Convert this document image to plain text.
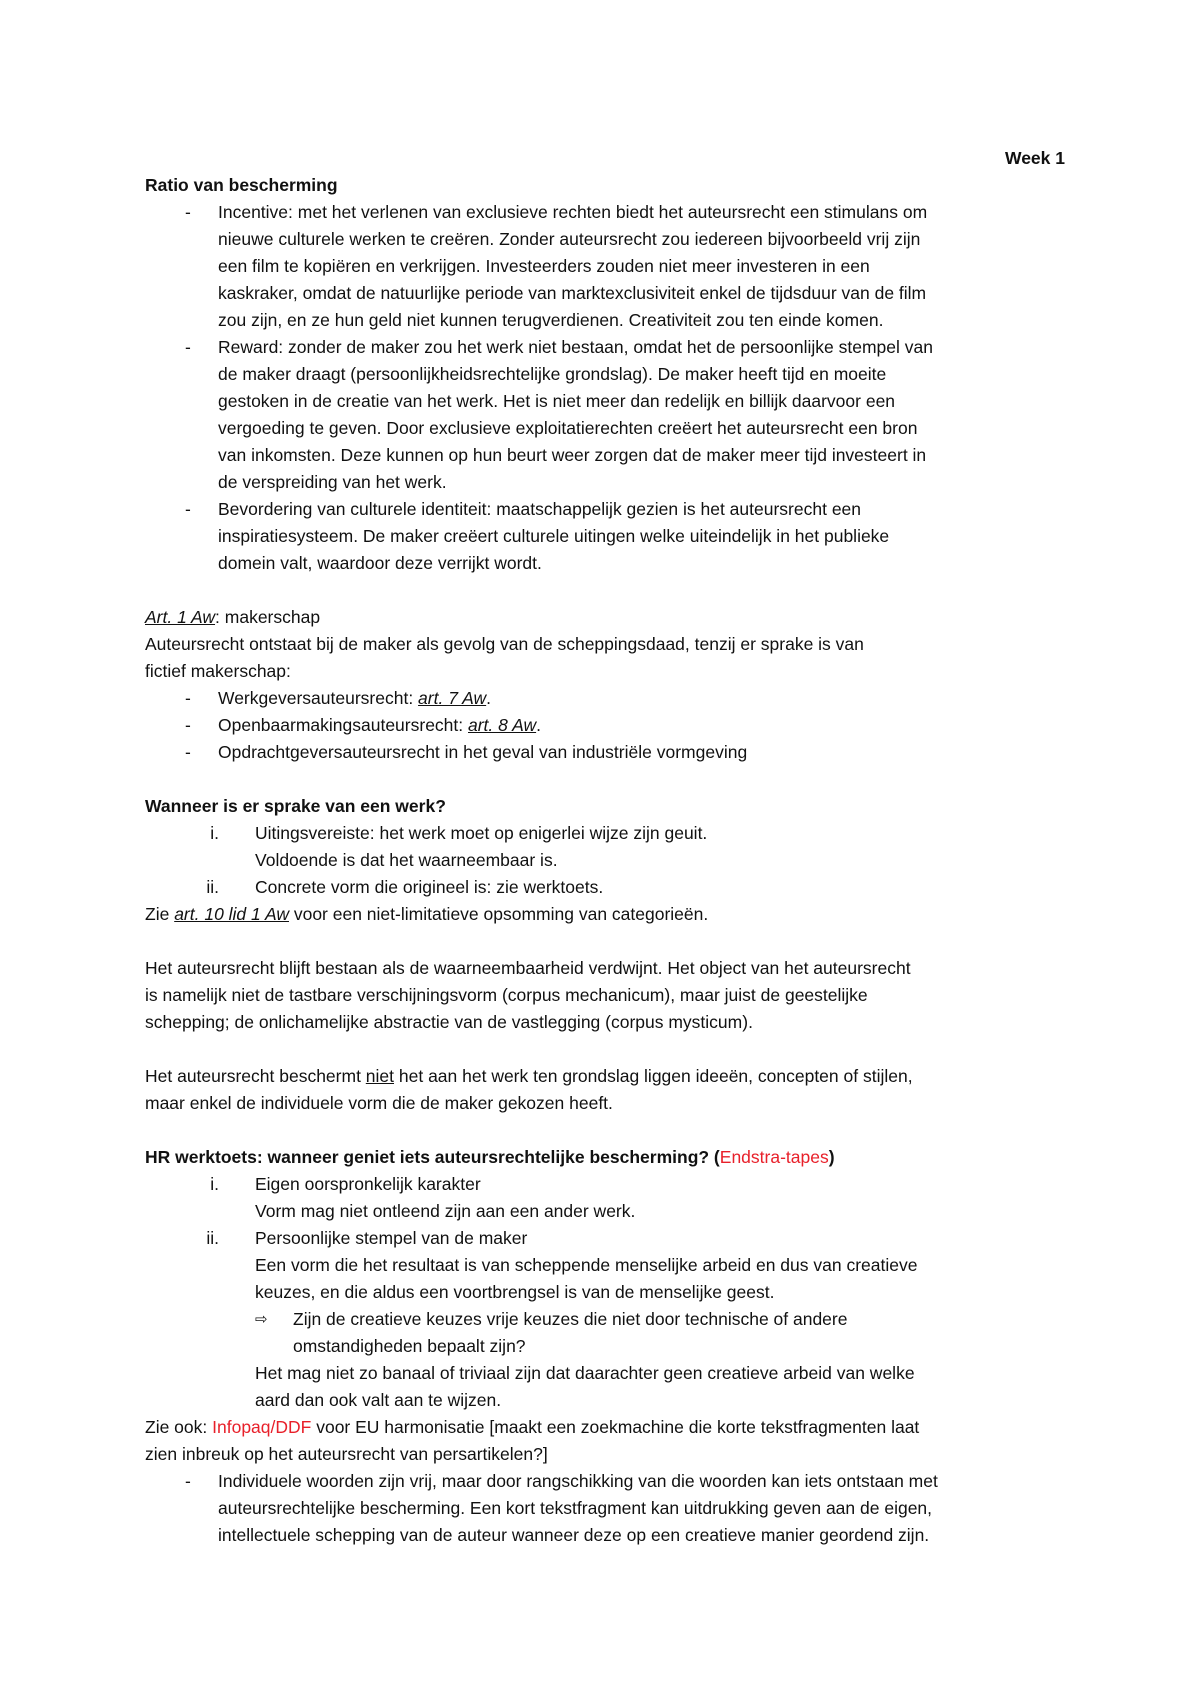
Week 1
Ratio van bescherming
- Incentive: met het verlenen van exclusieve rechten biedt het auteursrecht een stimulans om
nieuwe culturele werken te creëren. Zonder auteursrecht zou iedereen bijvoorbeeld vrij zijn
een film te kopiëren en verkrijgen. Investeerders zouden niet meer investeren in een
kaskraker, omdat de natuurlijke periode van marktexclusiviteit enkel de tijdsduur van de film
zou zijn, en ze hun geld niet kunnen terugverdienen. Creativiteit zou ten einde komen.
- Reward: zonder de maker zou het werk niet bestaan, omdat het de persoonlijke stempel van
de maker draagt (persoonlijkheidsrechtelijke grondslag). De maker heeft tijd en moeite
gestoken in de creatie van het werk. Het is niet meer dan redelijk en billijk daarvoor een
vergoeding te geven. Door exclusieve exploitatierechten creëert het auteursrecht een bron
van inkomsten. Deze kunnen op hun beurt weer zorgen dat de maker meer tijd investeert in
de verspreiding van het werk.
- Bevordering van culturele identiteit: maatschappelijk gezien is het auteursrecht een
inspiratiesysteem. De maker creëert culturele uitingen welke uiteindelijk in het publieke
domein valt, waardoor deze verrijkt wordt.
Art. 1 Aw: makerschap
Auteursrecht ontstaat bij de maker als gevolg van de scheppingsdaad, tenzij er sprake is van
fictief makerschap:
- Werkgeversauteursrecht: art. 7 Aw.
- Openbaarmakingsauteursrecht: art. 8 Aw.
- Opdrachtgeversauteursrecht in het geval van industriële vormgeving
Wanneer is er sprake van een werk?
i. Uitingsvereiste: het werk moet op enigerlei wijze zijn geuit.
Voldoende is dat het waarneembaar is.
ii. Concrete vorm die origineel is: zie werktoets.
Zie art. 10 lid 1 Aw voor een niet-limitatieve opsomming van categorieën.
Het auteursrecht blijft bestaan als de waarneembaarheid verdwijnt. Het object van het auteursrecht
is namelijk niet de tastbare verschijningsvorm (corpus mechanicum), maar juist de geestelijke
schepping; de onlichamelijke abstractie van de vastlegging (corpus mysticum).
Het auteursrecht beschermt niet het aan het werk ten grondslag liggen ideeën, concepten of stijlen,
maar enkel de individuele vorm die de maker gekozen heeft.
HR werktoets: wanneer geniet iets auteursrechtelijke bescherming? (Endstra-tapes)
i. Eigen oorspronkelijk karakter
Vorm mag niet ontleend zijn aan een ander werk.
ii. Persoonlijke stempel van de maker
Een vorm die het resultaat is van scheppende menselijke arbeid en dus van creatieve
keuzes, en die aldus een voortbrengsel is van de menselijke geest.
⇨ Zijn de creatieve keuzes vrije keuzes die niet door technische of andere
omstandigheden bepaalt zijn?
Het mag niet zo banaal of triviaal zijn dat daarachter geen creatieve arbeid van welke
aard dan ook valt aan te wijzen.
Zie ook: Infopaq/DDF voor EU harmonisatie [maakt een zoekmachine die korte tekstfragmenten laat
zien inbreuk op het auteursrecht van persartikelen?]
- Individuele woorden zijn vrij, maar door rangschikking van die woorden kan iets ontstaan met
auteursrechtelijke bescherming. Een kort tekstfragment kan uitdrukking geven aan de eigen,
intellectuele schepping van de auteur wanneer deze op een creatieve manier geordend zijn.
